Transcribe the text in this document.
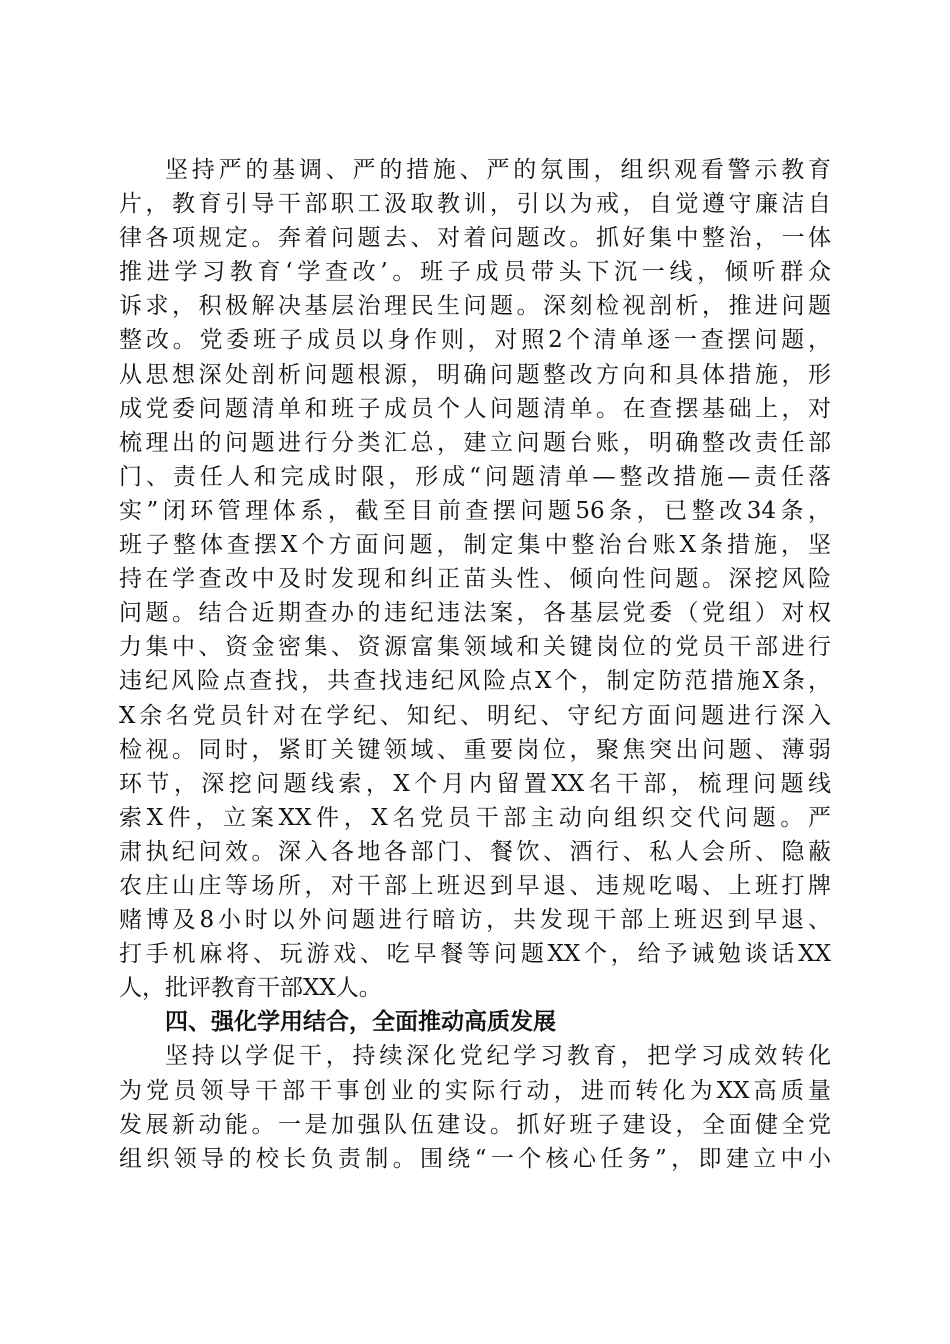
坚持严的基调、严的措施、严的氛围，组织观看警示教育
片，教育引导干部职工汲取教训，引以为戒，自觉遵守廉洁自
律各项规定。奔着问题去、对着问题改。抓好集中整治，一体
推进学习教育‘学查改’。班子成员带头下沉一线，倾听群众
诉求，积极解决基层治理民生问题。深刻检视剖析，推进问题
整改。党委班子成员以身作则，对照2个清单逐一查摆问题，
从思想深处剖析问题根源，明确问题整改方向和具体措施，形
成党委问题清单和班子成员个人问题清单。在查摆基础上，对
梳理出的问题进行分类汇总，建立问题台账，明确整改责任部
门、责任人和完成时限，形成“问题清单—整改措施—责任落
实”闭环管理体系，截至目前查摆问题56条，已整改34条，
班子整体查摆X个方面问题，制定集中整治台账X条措施，坚
持在学查改中及时发现和纠正苗头性、倾向性问题。深挖风险
问题。结合近期查办的违纪违法案，各基层党委（党组）对权
力集中、资金密集、资源富集领域和关键岗位的党员干部进行
违纪风险点查找，共查找违纪风险点X个，制定防范措施X条，
X余名党员针对在学纪、知纪、明纪、守纪方面问题进行深入
检视。同时，紧盯关键领域、重要岗位，聚焦突出问题、薄弱
环节，深挖问题线索，X个月内留置XX名干部，梳理问题线
索X件，立案XX件，X名党员干部主动向组织交代问题。严
肃执纪问效。深入各地各部门、餐饮、酒行、私人会所、隐蔽
农庄山庄等场所，对干部上班迟到早退、违规吃喝、上班打牌
赌博及8小时以外问题进行暗访，共发现干部上班迟到早退、
打手机麻将、玩游戏、吃早餐等问题XX个，给予诫勉谈话XX
人，批评教育干部XX人。
四、强化学用结合，全面推动高质发展
坚持以学促干，持续深化党纪学习教育，把学习成效转化
为党员领导干部干事创业的实际行动，进而转化为XX高质量
发展新动能。一是加强队伍建设。抓好班子建设，全面健全党
组织领导的校长负责制。围绕“一个核心任务”，即建立中小
